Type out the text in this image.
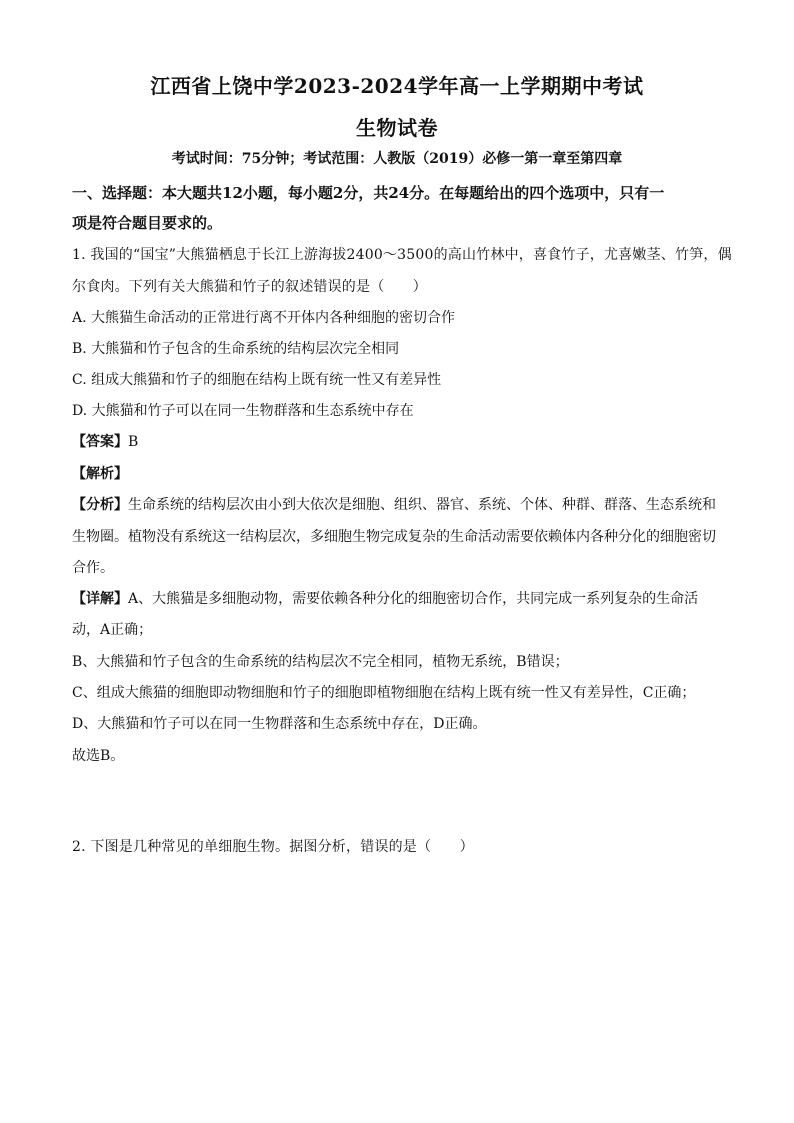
江西省上饶中学2023-2024学年高一上学期期中考试
生物试卷
考试时间：75分钟；考试范围：人教版（2019）必修一第一章至第四章
一、选择题：本大题共12小题，每小题2分，共24分。在每题给出的四个选项中，只有一
项是符合题目要求的。
1. 我国的“国宝”大熊猫栖息于长江上游海拔2400～3500的高山竹林中，喜食竹子，尤喜嫩茎、竹笋，偶
尔食肉。下列有关大熊猫和竹子的叙述错误的是（　　）
A. 大熊猫生命活动的正常进行离不开体内各种细胞的密切合作
B. 大熊猫和竹子包含的生命系统的结构层次完全相同
C. 组成大熊猫和竹子的细胞在结构上既有统一性又有差异性
D. 大熊猫和竹子可以在同一生物群落和生态系统中存在
【答案】B
【解析】
【分析】生命系统的结构层次由小到大依次是细胞、组织、器官、系统、个体、种群、群落、生态系统和
生物圈。植物没有系统这一结构层次，多细胞生物完成复杂的生命活动需要依赖体内各种分化的细胞密切
合作。
【详解】A、大熊猫是多细胞动物，需要依赖各种分化的细胞密切合作，共同完成一系列复杂的生命活
动，A正确；
B、大熊猫和竹子包含的生命系统的结构层次不完全相同，植物无系统，B错误；
C、组成大熊猫的细胞即动物细胞和竹子的细胞即植物细胞在结构上既有统一性又有差异性，C正确；
D、大熊猫和竹子可以在同一生物群落和生态系统中存在，D正确。
故选B。
2. 下图是几种常见的单细胞生物。据图分析，错误的是（　　）
